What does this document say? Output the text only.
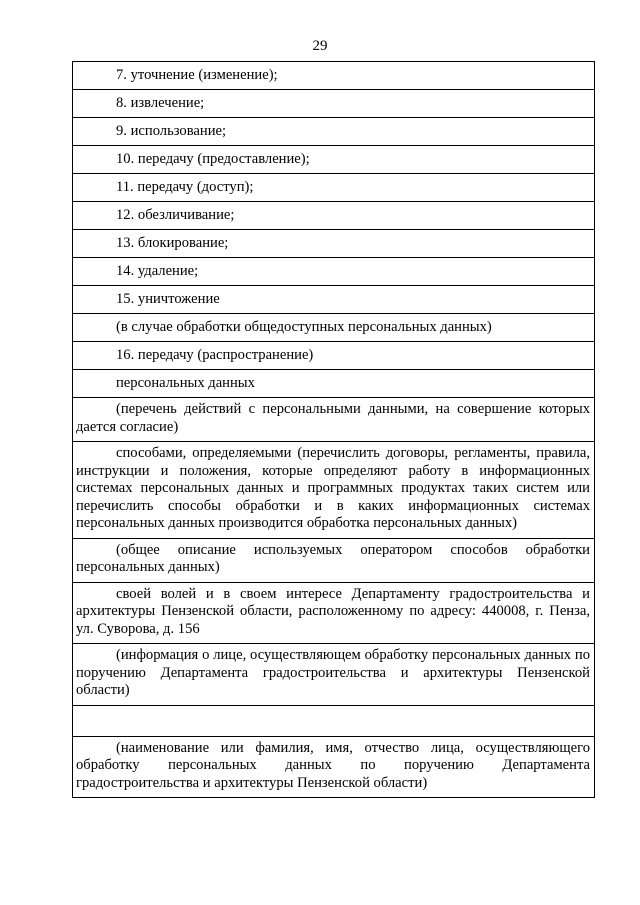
29
7. уточнение (изменение);
8. извлечение;
9. использование;
10. передачу (предоставление);
11. передачу (доступ);
12. обезличивание;
13. блокирование;
14. удаление;
15. уничтожение
(в случае обработки общедоступных персональных данных)
16. передачу (распространение)
персональных данных
(перечень действий с персональными данными, на совершение которых дается согласие)
способами, определяемыми (перечислить договоры, регламенты, правила, инструкции и положения, которые определяют работу в информационных системах персональных данных и программных продуктах таких систем или перечислить способы обработки и в каких информационных системах персональных данных производится обработка персональных данных)
(общее описание используемых оператором способов обработки персональных данных)
своей волей и в своем интересе Департаменту градостроительства и архитектуры Пензенской области, расположенному по адресу: 440008, г. Пенза, ул. Суворова, д. 156
(информация о лице, осуществляющем обработку персональных данных по поручению Департамента градостроительства и архитектуры Пензенской области)

(наименование или фамилия, имя, отчество лица, осуществляющего обработку персональных данных по поручению Департамента градостроительства и архитектуры Пензенской области)
